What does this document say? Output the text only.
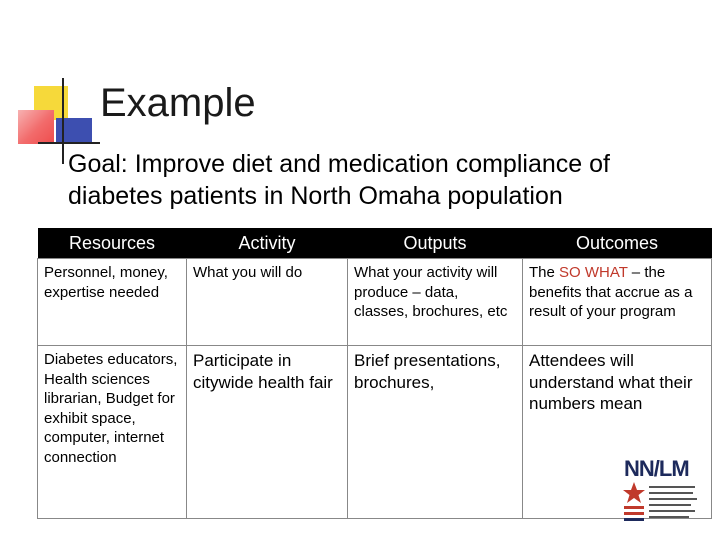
Example
Goal: Improve diet and medication compliance of diabetes patients in North Omaha population
Resources	Activity	Outputs	Outcomes
Personnel, money, expertise needed	What you will do	What your activity will produce – data, classes, brochures, etc	The SO WHAT – the benefits that accrue as a result of your program
Diabetes educators, Health sciences librarian, Budget for exhibit space, computer, internet connection	Participate in citywide health fair	Brief presentations, brochures,	Attendees will understand what their numbers mean
NN/LM
